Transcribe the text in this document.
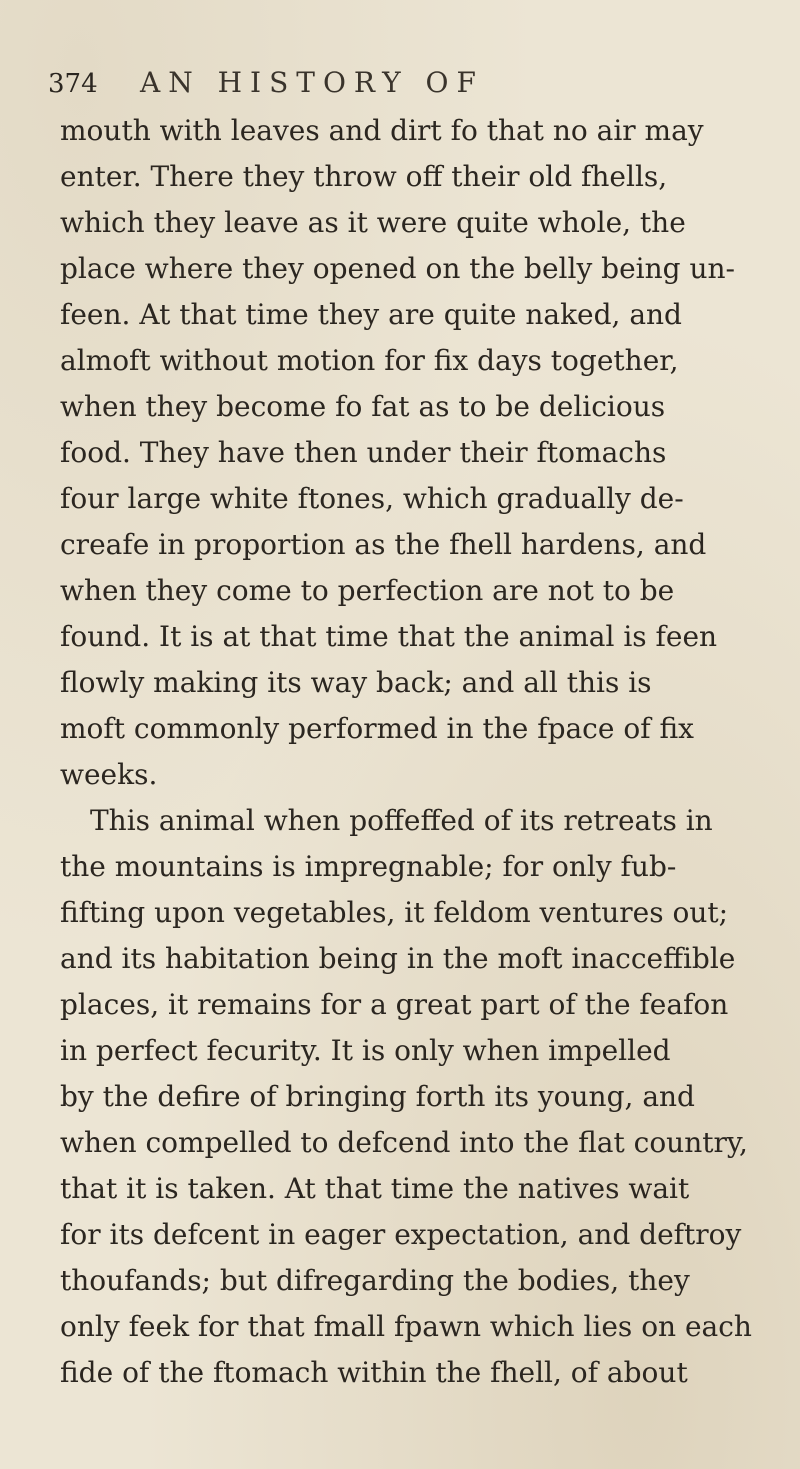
374 AN HISTORY OF
mouth with leaves and dirt fo that no air may
enter. There they throw off their old fhells,
which they leave as it were quite whole, the
place where they opened on the belly being un-
feen. At that time they are quite naked, and
almoft without motion for fix days together,
when they become fo fat as to be delicious
food. They have then under their ftomachs
four large white ftones, which gradually de-
creafe in proportion as the fhell hardens, and
when they come to perfection are not to be
found. It is at that time that the animal is feen
flowly making its way back; and all this is
moft commonly performed in the fpace of fix
weeks.
This animal when poffeffed of its retreats in
the mountains is impregnable; for only fub-
fifting upon vegetables, it feldom ventures out;
and its habitation being in the moft inacceffible
places, it remains for a great part of the feafon
in perfect fecurity. It is only when impelled
by the defire of bringing forth its young, and
when compelled to defcend into the flat country,
that it is taken. At that time the natives wait
for its defcent in eager expectation, and deftroy
thoufands; but difregarding the bodies, they
only feek for that fmall fpawn which lies on each
fide of the ftomach within the fhell, of about
